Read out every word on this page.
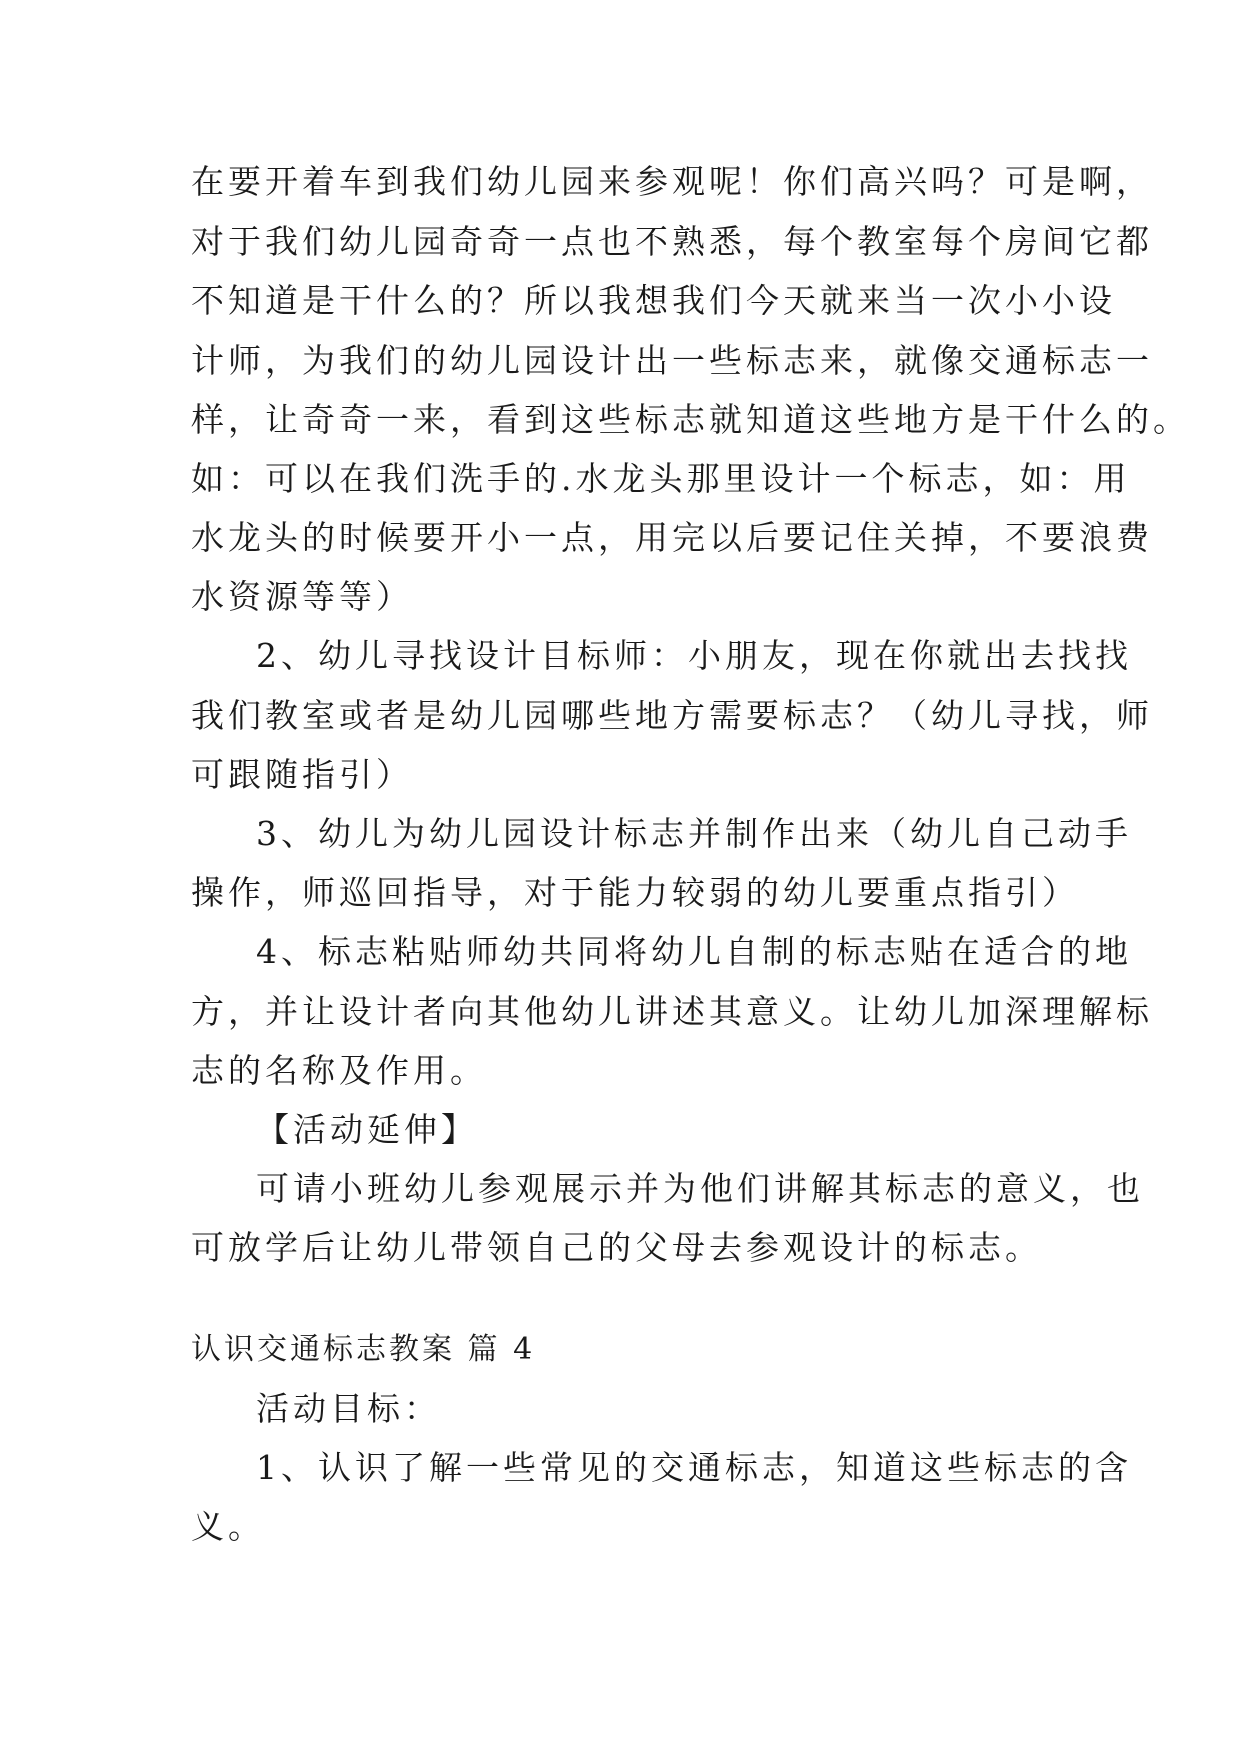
在要开着车到我们幼儿园来参观呢！你们高兴吗？可是啊，
对于我们幼儿园奇奇一点也不熟悉，每个教室每个房间它都
不知道是干什么的？所以我想我们今天就来当一次小小设
计师，为我们的幼儿园设计出一些标志来，就像交通标志一
样，让奇奇一来，看到这些标志就知道这些地方是干什么的。
如：可以在我们洗手的.水龙头那里设计一个标志，如：用
水龙头的时候要开小一点，用完以后要记住关掉，不要浪费
水资源等等）
2、幼儿寻找设计目标师：小朋友，现在你就出去找找
我们教室或者是幼儿园哪些地方需要标志？（幼儿寻找，师
可跟随指引）
3、幼儿为幼儿园设计标志并制作出来（幼儿自己动手
操作，师巡回指导，对于能力较弱的幼儿要重点指引）
4、标志粘贴师幼共同将幼儿自制的标志贴在适合的地
方，并让设计者向其他幼儿讲述其意义。让幼儿加深理解标
志的名称及作用。
【活动延伸】
可请小班幼儿参观展示并为他们讲解其标志的意义，也
可放学后让幼儿带领自己的父母去参观设计的标志。
认识交通标志教案 篇 4
活动目标：
1、认识了解一些常见的交通标志，知道这些标志的含
义。
